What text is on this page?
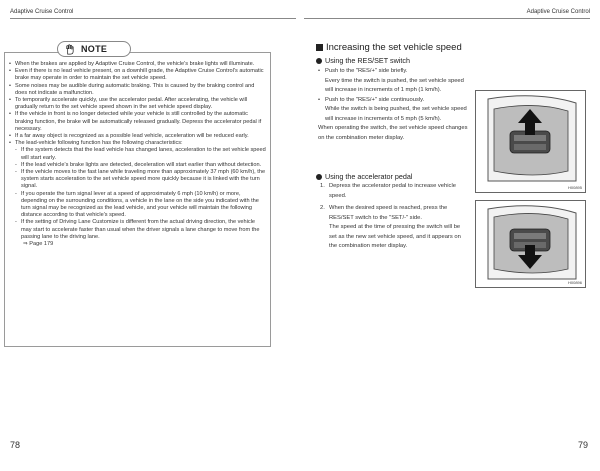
Adaptive Cruise Control
• When the brakes are applied by Adaptive Cruise Control, the vehicle's brake lights will illuminate.
• Even if there is no lead vehicle present, on a downhill grade, the Adaptive Cruise Control's automatic brake may operate in order to maintain the set vehicle speed.
• Some noises may be audible during automatic braking. This is caused by the braking control and does not indicate a malfunction.
• To temporarily accelerate quickly, use the accelerator pedal. After accelerating, the vehicle will gradually return to the set vehicle speed shown in the set vehicle speed display.
• If the vehicle in front is no longer detected while your vehicle is still controlled by the automatic braking function, the brake will be automatically released gradually. Depress the accelerator pedal if necessary.
• If a far away object is recognized as a possible lead vehicle, acceleration will be reduced early.
• The lead-vehicle following function has the following characteristics:
- If the system detects that the lead vehicle has changed lanes, acceleration to the set vehicle speed will start early.
- If the lead vehicle's brake lights are detected, deceleration will start earlier than without detection.
- If the vehicle moves to the fast lane while traveling more than approximately 37 mph (60 km/h), the system starts acceleration to the set vehicle speed more quickly because it is linked with the turn signal.
- If you operate the turn signal lever at a speed of approximately 6 mph (10 km/h) or more, depending on the surrounding conditions, a vehicle in the lane on the side you indicated with the turn signal may be recognized as the lead vehicle, and your vehicle will maintain the following distance according to that vehicle's speed.
- If the setting of Driving Lane Customize is different from the actual driving direction, the vehicle may start to accelerate faster than usual when the driver signals a lane change to move from the passing lane to the driving lane.
⇒ Page 179
NOTE
78
Adaptive Cruise Control
79
Increasing the set vehicle speed
Using the RES/SET switch
• Push to the "RES/+" side briefly.
Every time the switch is pushed, the set vehicle speed will increase in increments of 1 mph (1 km/h).
• Push to the "RES/+" side continuously.
While the switch is being pushed, the set vehicle speed will increase in increments of 5 mph (5 km/h).
When operating the switch, the set vehicle speed changes on the combination meter display.
H00895
Using the accelerator pedal
1. Depress the accelerator pedal to increase vehicle speed.
2. When the desired speed is reached, press the RES/SET switch to the "SET/-" side.
The speed at the time of pressing the switch will be set as the new set vehicle speed, and it appears on the combination meter display.
H00896
